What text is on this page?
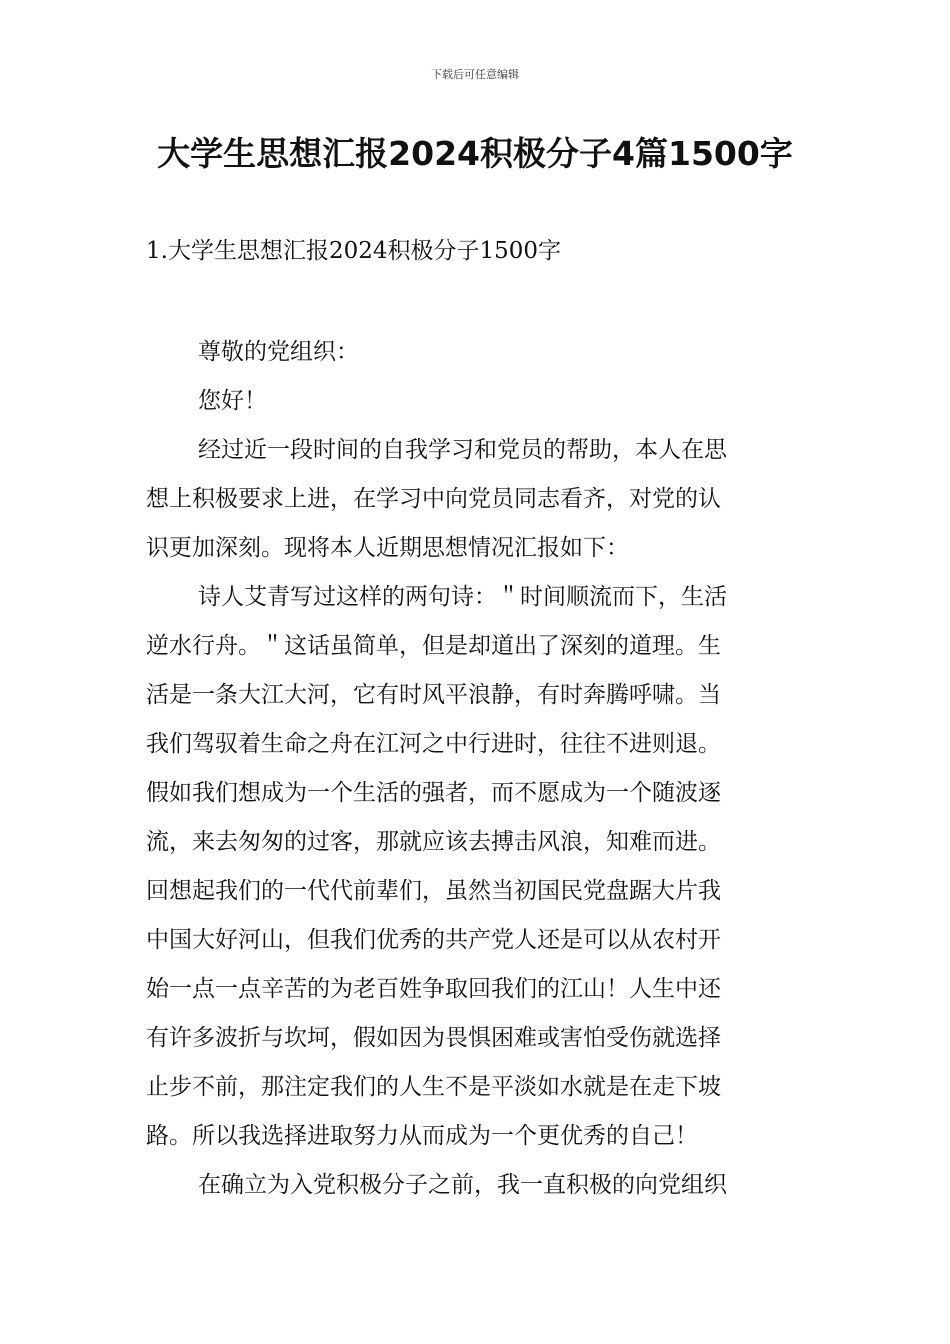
下载后可任意编辑
大学生思想汇报2024积极分子4篇1500字
1.大学生思想汇报2024积极分子1500字
尊敬的党组织：
您好！
经过近一段时间的自我学习和党员的帮助，本人在思
想上积极要求上进，在学习中向党员同志看齐，对党的认
识更加深刻。现将本人近期思想情况汇报如下：
诗人艾青写过这样的两句诗：＂时间顺流而下，生活
逆水行舟。＂这话虽简单，但是却道出了深刻的道理。生
活是一条大江大河，它有时风平浪静，有时奔腾呼啸。当
我们驾驭着生命之舟在江河之中行进时，往往不进则退。
假如我们想成为一个生活的强者，而不愿成为一个随波逐
流，来去匆匆的过客，那就应该去搏击风浪，知难而进。
回想起我们的一代代前辈们，虽然当初国民党盘踞大片我
中国大好河山，但我们优秀的共产党人还是可以从农村开
始一点一点辛苦的为老百姓争取回我们的江山！人生中还
有许多波折与坎坷，假如因为畏惧困难或害怕受伤就选择
止步不前，那注定我们的人生不是平淡如水就是在走下坡
路。所以我选择进取努力从而成为一个更优秀的自己！
在确立为入党积极分子之前，我一直积极的向党组织
